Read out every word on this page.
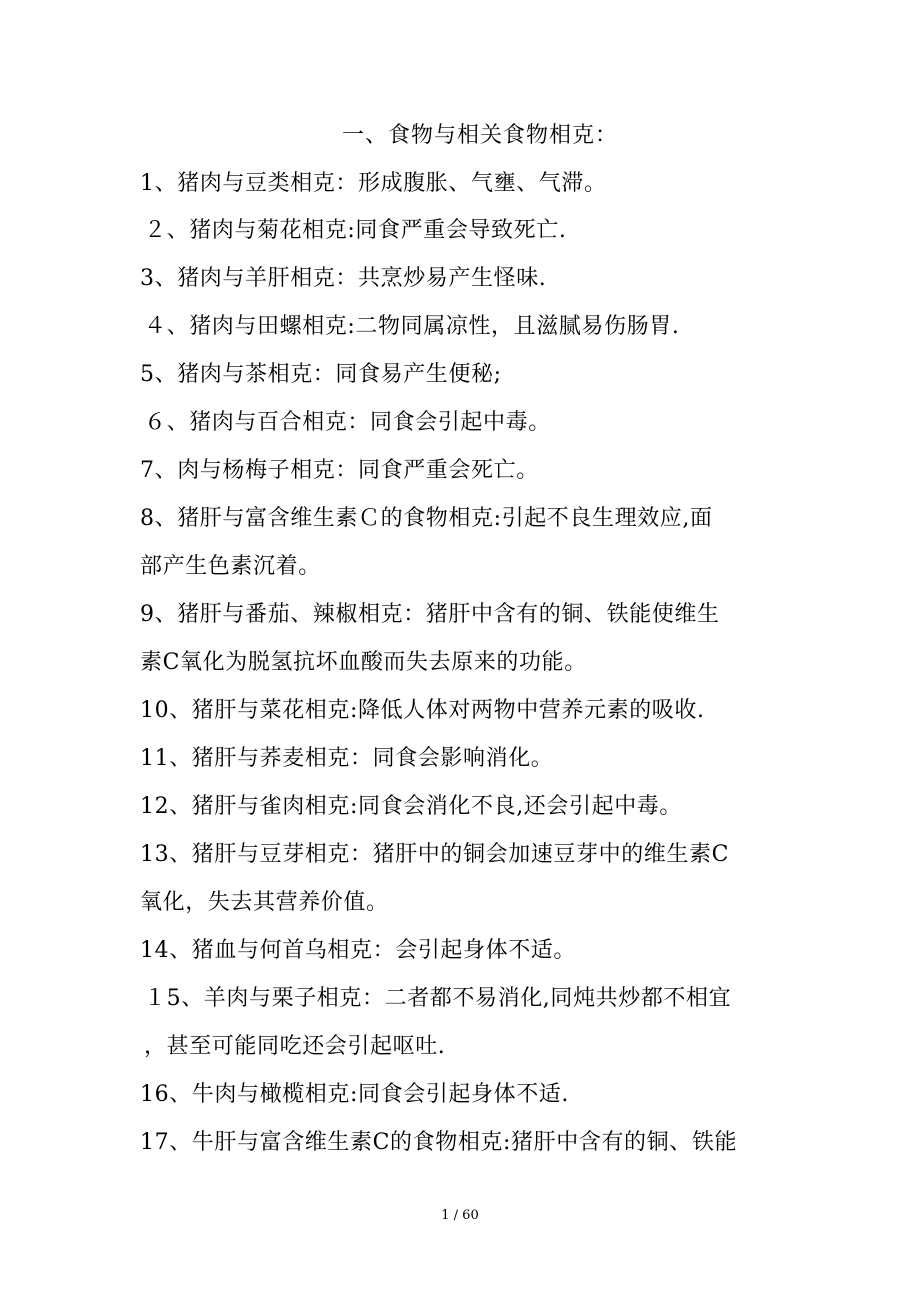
一、食物与相关食物相克：
1、猪肉与豆类相克：形成腹胀、气壅、气滞。
２、猪肉与菊花相克:同食严重会导致死亡.
3、猪肉与羊肝相克：共烹炒易产生怪味.
４、猪肉与田螺相克:二物同属凉性，且滋腻易伤肠胃.
5、猪肉与茶相克：同食易产生便秘;
６、猪肉与百合相克：同食会引起中毒。
7、肉与杨梅子相克：同食严重会死亡。
8、猪肝与富含维生素Ｃ的食物相克:引起不良生理效应,面
部产生色素沉着。
9、猪肝与番茄、辣椒相克：猪肝中含有的铜、铁能使维生
素C氧化为脱氢抗坏血酸而失去原来的功能。
10、猪肝与菜花相克:降低人体对两物中营养元素的吸收.
11、猪肝与荞麦相克：同食会影响消化。
12、猪肝与雀肉相克:同食会消化不良,还会引起中毒。
13、猪肝与豆芽相克：猪肝中的铜会加速豆芽中的维生素C
氧化，失去其营养价值。
14、猪血与何首乌相克：会引起身体不适。
１5、羊肉与栗子相克：二者都不易消化,同炖共炒都不相宜
，甚至可能同吃还会引起呕吐.
16、牛肉与橄榄相克:同食会引起身体不适.
17、牛肝与富含维生素C的食物相克:猪肝中含有的铜、铁能
1 / 60
